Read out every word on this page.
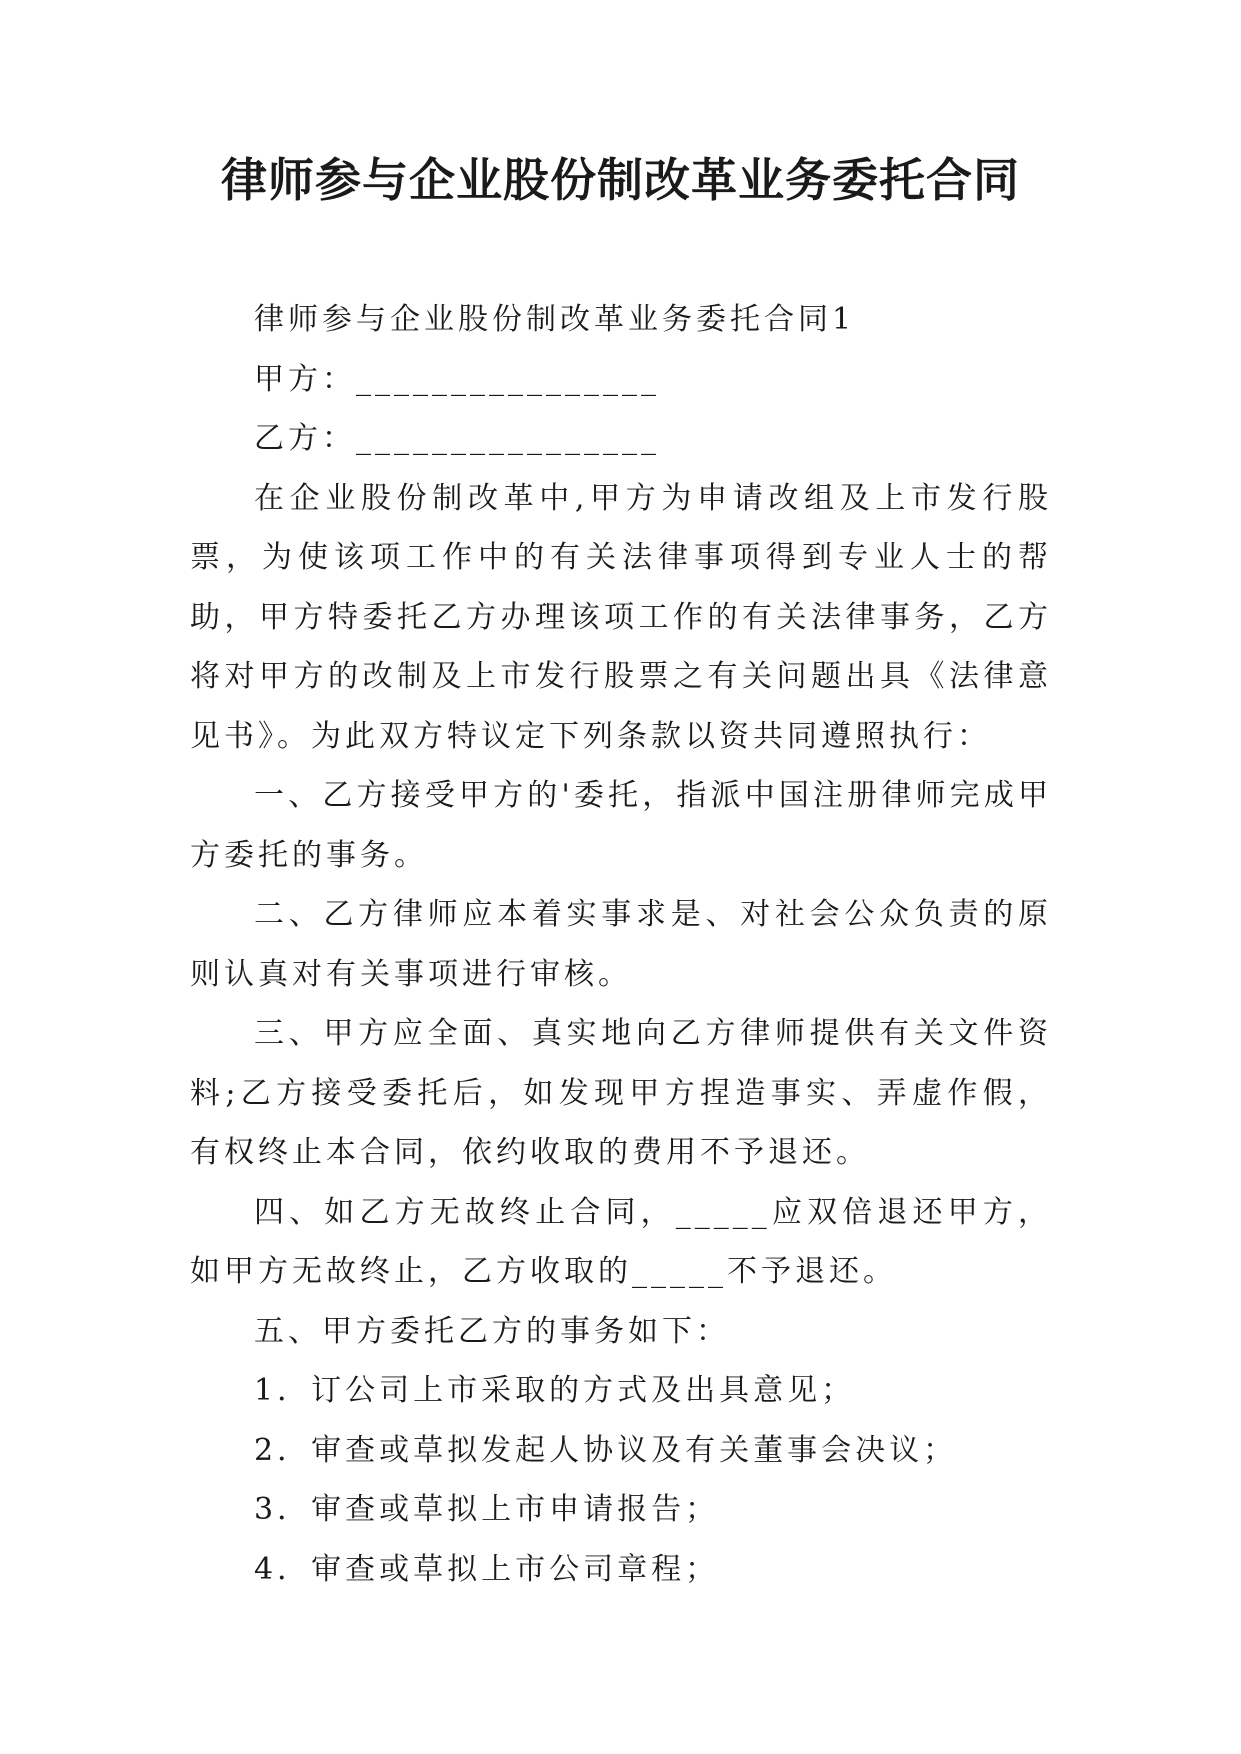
律师参与企业股份制改革业务委托合同

律师参与企业股份制改革业务委托合同1

甲方：________________

乙方：________________

在企业股份制改革中,甲方为申请改组及上市发行股票，为使该项工作中的有关法律事项得到专业人士的帮助，甲方特委托乙方办理该项工作的有关法律事务，乙方将对甲方的改制及上市发行股票之有关问题出具《法律意见书》。为此双方特议定下列条款以资共同遵照执行：

一、乙方接受甲方的'委托，指派中国注册律师完成甲方委托的事务。

二、乙方律师应本着实事求是、对社会公众负责的原则认真对有关事项进行审核。

三、甲方应全面、真实地向乙方律师提供有关文件资料;乙方接受委托后，如发现甲方捏造事实、弄虚作假，有权终止本合同，依约收取的费用不予退还。

四、如乙方无故终止合同，_____应双倍退还甲方，如甲方无故终止，乙方收取的_____不予退还。

五、甲方委托乙方的事务如下：

1．订公司上市采取的方式及出具意见；

2．审查或草拟发起人协议及有关董事会决议；

3．审查或草拟上市申请报告；

4．审查或草拟上市公司章程；
